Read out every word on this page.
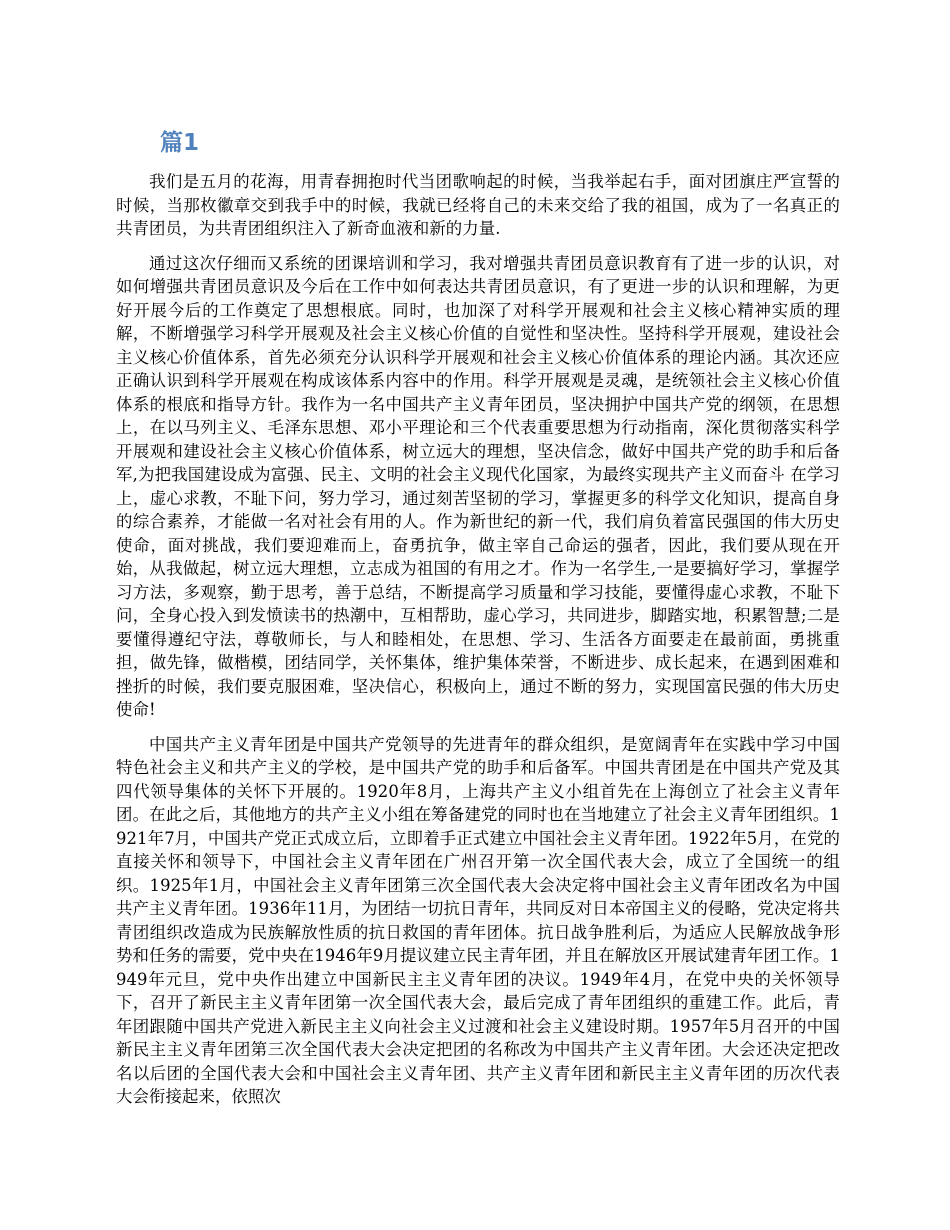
篇1

我们是五月的花海，用青春拥抱时代当团歌响起的时候，当我举起右手，面对团旗庄严宣誓的时候，当那枚徽章交到我手中的时候，我就已经将自己的未来交给了我的祖国，成为了一名真正的共青团员，为共青团组织注入了新奇血液和新的力量.

通过这次仔细而又系统的团课培训和学习，我对增强共青团员意识教育有了进一步的认识，对如何增强共青团员意识及今后在工作中如何表达共青团员意识，有了更进一步的认识和理解，为更好开展今后的工作奠定了思想根底。同时，也加深了对科学开展观和社会主义核心精神实质的理解，不断增强学习科学开展观及社会主义核心价值的自觉性和坚决性。坚持科学开展观，建设社会主义核心价值体系，首先必须充分认识科学开展观和社会主义核心价值体系的理论内涵。其次还应正确认识到科学开展观在构成该体系内容中的作用。科学开展观是灵魂，是统领社会主义核心价值体系的根底和指导方针。我作为一名中国共产主义青年团员，坚决拥护中国共产党的纲领，在思想上，在以马列主义、毛泽东思想、邓小平理论和三个代表重要思想为行动指南，深化贯彻落实科学开展观和建设社会主义核心价值体系，树立远大的理想，坚决信念，做好中国共产党的助手和后备军,为把我国建设成为富强、民主、文明的社会主义现代化国家，为最终实现共产主义而奋斗 在学习上，虚心求教，不耻下问，努力学习，通过刻苦坚韧的学习，掌握更多的科学文化知识，提高自身的综合素养，才能做一名对社会有用的人。作为新世纪的新一代，我们肩负着富民强国的伟大历史使命，面对挑战，我们要迎难而上，奋勇抗争，做主宰自己命运的强者，因此，我们要从现在开始，从我做起，树立远大理想，立志成为祖国的有用之才。作为一名学生,一是要搞好学习，掌握学习方法，多观察，勤于思考，善于总结，不断提高学习质量和学习技能，要懂得虚心求教，不耻下问，全身心投入到发愤读书的热潮中，互相帮助，虚心学习，共同进步，脚踏实地，积累智慧;二是要懂得遵纪守法，尊敬师长，与人和睦相处，在思想、学习、生活各方面要走在最前面，勇挑重担，做先锋，做楷模，团结同学，关怀集体，维护集体荣誉，不断进步、成长起来，在遇到困难和挫折的时候，我们要克服困难，坚决信心，积极向上，通过不断的努力，实现国富民强的伟大历史使命!

中国共产主义青年团是中国共产党领导的先进青年的群众组织，是宽阔青年在实践中学习中国特色社会主义和共产主义的学校，是中国共产党的助手和后备军。中国共青团是在中国共产党及其四代领导集体的关怀下开展的。1920年8月，上海共产主义小组首先在上海创立了社会主义青年团。在此之后，其他地方的共产主义小组在筹备建党的同时也在当地建立了社会主义青年团组织。1921年7月，中国共产党正式成立后，立即着手正式建立中国社会主义青年团。1922年5月，在党的直接关怀和领导下，中国社会主义青年团在广州召开第一次全国代表大会，成立了全国统一的组织。1925年1月，中国社会主义青年团第三次全国代表大会决定将中国社会主义青年团改名为中国共产主义青年团。1936年11月，为团结一切抗日青年，共同反对日本帝国主义的侵略，党决定将共青团组织改造成为民族解放性质的抗日救国的青年团体。抗日战争胜利后，为适应人民解放战争形势和任务的需要，党中央在1946年9月提议建立民主青年团，并且在解放区开展试建青年团工作。1949年元旦，党中央作出建立中国新民主主义青年团的决议。1949年4月，在党中央的关怀领导下，召开了新民主主义青年团第一次全国代表大会，最后完成了青年团组织的重建工作。此后，青年团跟随中国共产党进入新民主主义向社会主义过渡和社会主义建设时期。1957年5月召开的中国新民主主义青年团第三次全国代表大会决定把团的名称改为中国共产主义青年团。大会还决定把改名以后团的全国代表大会和中国社会主义青年团、共产主义青年团和新民主主义青年团的历次代表大会衔接起来，依照次
